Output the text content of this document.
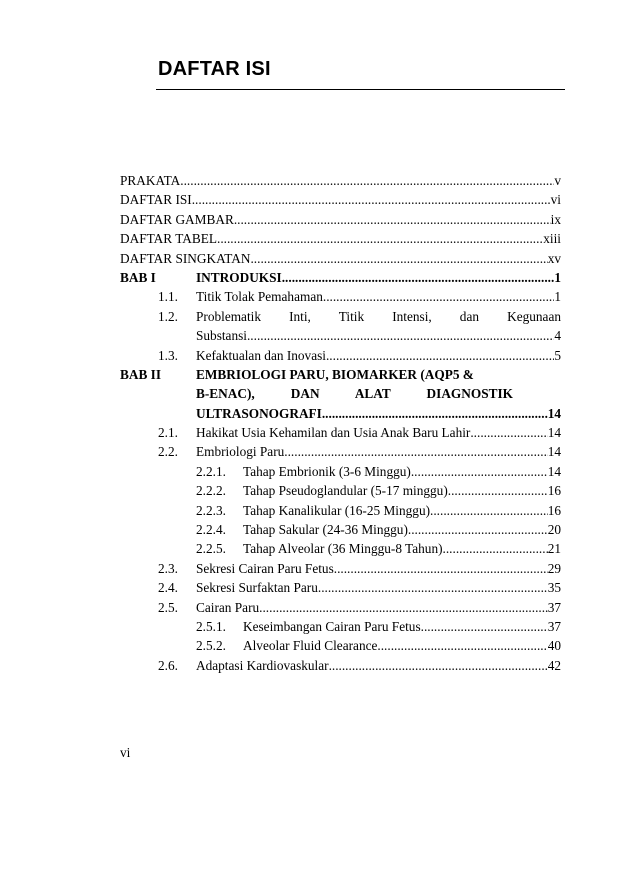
DAFTAR ISI
PRAKATA .....	v
DAFTAR ISI .....	vi
DAFTAR GAMBAR .....	ix
DAFTAR TABEL .....	xiii
DAFTAR SINGKATAN .....	xv
BAB I	INTRODUKSI .....	1
1.1. Titik Tolak Pemahaman .....	1
1.2. Problematik Inti, Titik Intensi, dan Kegunaan
Substansi .....	4
1.3. Kefaktualan dan Inovasi .....	5
BAB II	EMBRIOLOGI PARU, BIOMARKER (AQP5 &
B-ENAC), DAN ALAT DIAGNOSTIK
ULTRASONOGRAFI .....	14
2.1. Hakikat Usia Kehamilan dan Usia Anak Baru Lahir .....	14
2.2. Embriologi Paru .....	14
2.2.1. Tahap Embrionik (3-6 Minggu) .....	14
2.2.2. Tahap Pseudoglandular (5-17 minggu) .....	16
2.2.3. Tahap Kanalikular (16-25 Minggu) .....	16
2.2.4. Tahap Sakular (24-36 Minggu) .....	20
2.2.5. Tahap Alveolar (36 Minggu-8 Tahun) .....	21
2.3. Sekresi Cairan Paru Fetus .....	29
2.4. Sekresi Surfaktan Paru .....	35
2.5. Cairan Paru .....	37
2.5.1. Keseimbangan Cairan Paru Fetus .....	37
2.5.2. Alveolar Fluid Clearance .....	40
2.6. Adaptasi Kardiovaskular .....	42
vi
